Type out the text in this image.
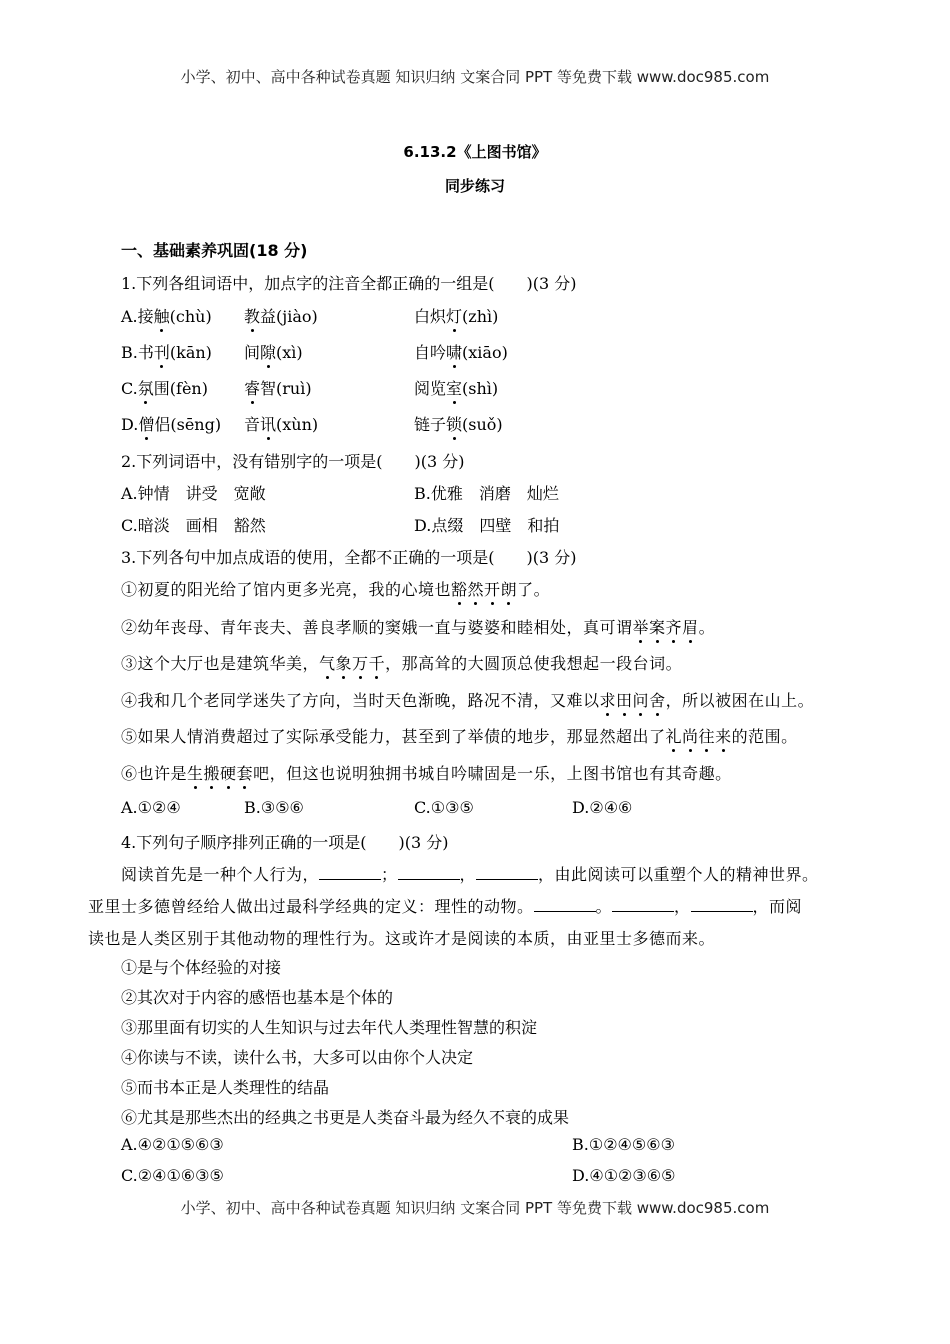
小学、初中、高中各种试卷真题 知识归纳 文案合同 PPT 等免费下载 www.doc985.com
6.13.2《上图书馆》
同步练习
一、基础素养巩固(18 分)
1.下列各组词语中，加点字的注音全都正确的一组是(　　)(3 分)
A.接触(chù) 教益(jiào)	白炽灯(zhì)
B.书刊(kān) 间隙(xì)	自吟啸(xiāo)
C.氛围(fèn) 睿智(ruì)	阅览室(shì)
D.僧侣(sēng) 音讯(xùn)	链子锁(suǒ)
2.下列词语中，没有错别字的一项是(　　)(3 分)
A.钟情　讲受　宽敞	B.优雅　消磨　灿烂
C.暗淡　画相　豁然	D.点缀　四壁　和拍
3.下列各句中加点成语的使用，全都不正确的一项是(　　)(3 分)
①初夏的阳光给了馆内更多光亮，我的心境也豁然开朗了。
②幼年丧母、青年丧夫、善良孝顺的窦娥一直与婆婆和睦相处，真可谓举案齐眉。
③这个大厅也是建筑华美，气象万千，那高耸的大圆顶总使我想起一段台词。
④我和几个老同学迷失了方向，当时天色渐晚，路况不清，又难以求田问舍，所以被困在山上。
⑤如果人情消费超过了实际承受能力，甚至到了举债的地步，那显然超出了礼尚往来的范围。
⑥也许是生搬硬套吧，但这也说明独拥书城自吟啸固是一乐，上图书馆也有其奇趣。
A.①②④	B.③⑤⑥	C.①③⑤	D.②④⑥
4.下列句子顺序排列正确的一项是(　　)(3 分)
阅读首先是一种个人行为，	；	，	，由此阅读可以重塑个人的精神世界。
亚里士多德曾经给人做出过最科学经典的定义：理性的动物。	。	，	，而阅
读也是人类区别于其他动物的理性行为。这或许才是阅读的本质，由亚里士多德而来。
①是与个体经验的对接
②其次对于内容的感悟也基本是个体的
③那里面有切实的人生知识与过去年代人类理性智慧的积淀
④你读与不读，读什么书，大多可以由你个人决定
⑤而书本正是人类理性的结晶
⑥尤其是那些杰出的经典之书更是人类奋斗最为经久不衰的成果
A.④②①⑤⑥③	B.①②④⑤⑥③
C.②④①⑥③⑤	D.④①②③⑥⑤
小学、初中、高中各种试卷真题 知识归纳 文案合同 PPT 等免费下载 www.doc985.com
